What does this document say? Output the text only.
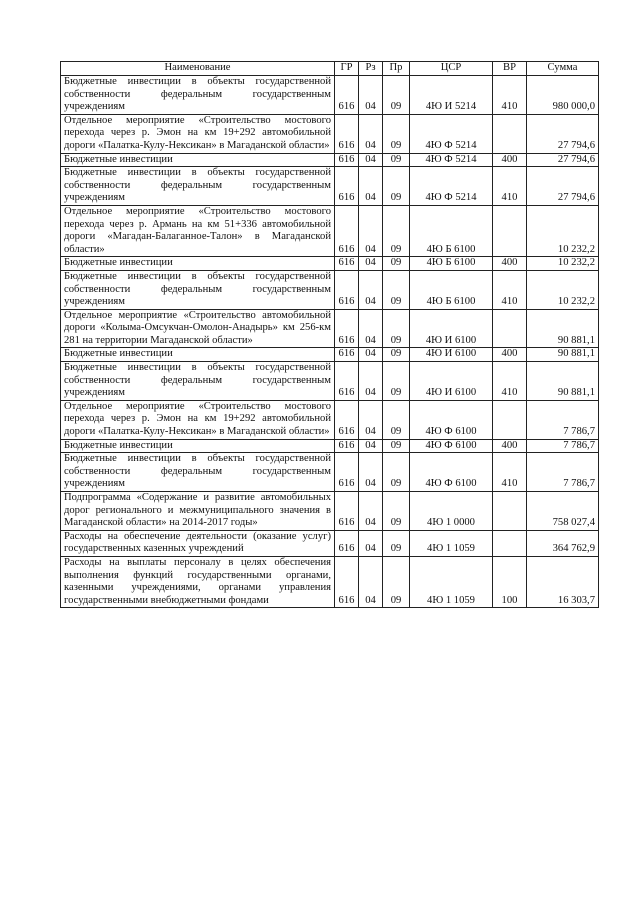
Наименование	ГР	Рз	Пр	ЦСР	ВР	Сумма
Бюджетные инвестиции в объекты государственной собственности федеральным государственным учреждениям	616	04	09	4Ю И 5214	410	980 000,0
Отдельное мероприятие «Строительство мостового перехода через р. Эмон на км 19+292 автомобильной дороги «Палатка-Кулу-Нексикан» в Магаданской области»	616	04	09	4Ю Ф 5214		27 794,6
Бюджетные инвестиции	616	04	09	4Ю Ф 5214	400	27 794,6
Бюджетные инвестиции в объекты государственной собственности федеральным государственным учреждениям	616	04	09	4Ю Ф 5214	410	27 794,6
Отдельное мероприятие «Строительство мостового перехода через р. Армань на км 51+336 автомобильной дороги «Магадан-Балаганное-Талон» в Магаданской области»	616	04	09	4Ю Б 6100		10 232,2
Бюджетные инвестиции	616	04	09	4Ю Б 6100	400	10 232,2
Бюджетные инвестиции в объекты государственной собственности федеральным государственным учреждениям	616	04	09	4Ю Б 6100	410	10 232,2
Отдельное мероприятие «Строительство автомобильной дороги «Колыма-Омсукчан-Омолон-Анадырь» км 256-км 281 на территории Магаданской области»	616	04	09	4Ю И 6100		90 881,1
Бюджетные инвестиции	616	04	09	4Ю И 6100	400	90 881,1
Бюджетные инвестиции в объекты государственной собственности федеральным государственным учреждениям	616	04	09	4Ю И 6100	410	90 881,1
Отдельное мероприятие «Строительство мостового перехода через р. Эмон на км 19+292 автомобильной дороги «Палатка-Кулу-Нексикан» в Магаданской области»	616	04	09	4Ю Ф 6100		7 786,7
Бюджетные инвестиции	616	04	09	4Ю Ф 6100	400	7 786,7
Бюджетные инвестиции в объекты государственной собственности федеральным государственным учреждениям	616	04	09	4Ю Ф 6100	410	7 786,7
Подпрограмма «Содержание и развитие автомобильных дорог регионального и межмуниципального значения в Магаданской области» на 2014-2017 годы»	616	04	09	4Ю 1 0000		758 027,4
Расходы на обеспечение деятельности (оказание услуг) государственных казенных учреждений	616	04	09	4Ю 1 1059		364 762,9
Расходы на выплаты персоналу в целях обеспечения выполнения функций государственными органами, казенными учреждениями, органами управления государственными внебюджетными фондами	616	04	09	4Ю 1 1059	100	16 303,7
